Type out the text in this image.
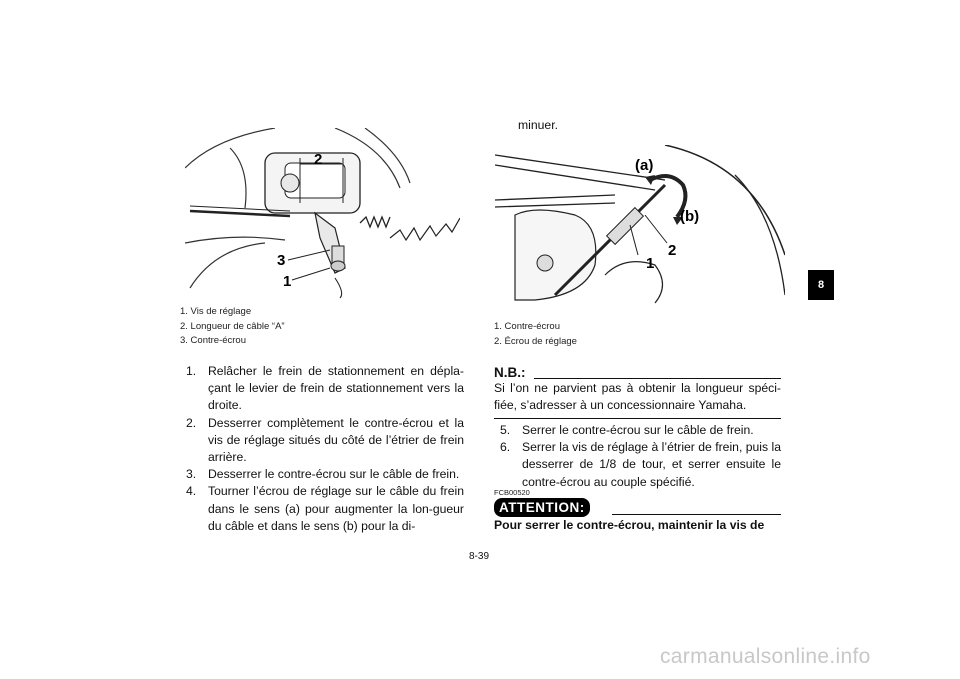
2
3
1
(a)
(b)
2
1
1. Vis de réglage
2. Longueur de câble “A”
3. Contre-écrou

1. Relâcher le frein de stationnement en dépla-çant le levier de frein de stationnement vers la droite.

2. Desserrer complètement le contre-écrou et la vis de réglage situés du côté de l’étrier de frein arrière.

3. Desserrer le contre-écrou sur le câble de frein.

4. Tourner l’écrou de réglage sur le câble du frein dans le sens (a) pour augmenter la lon-gueur du câble et dans le sens (b) pour la di-

minuer.
1. Contre-écrou
2. Écrou de réglage
N.B.:
Si l’on ne parvient pas à obtenir la longueur spéci-fiée, s’adresser à un concessionnaire Yamaha.

5. Serrer le contre-écrou sur le câble de frein.

6. Serrer la vis de réglage à l’étrier de frein, puis la desserrer de 1/8 de tour, et serrer ensuite le contre-écrou au couple spécifié.

FCB00520
ATTENTION:
Pour serrer le contre-écrou, maintenir la vis de
8-39
8
carmanualsonline.info
